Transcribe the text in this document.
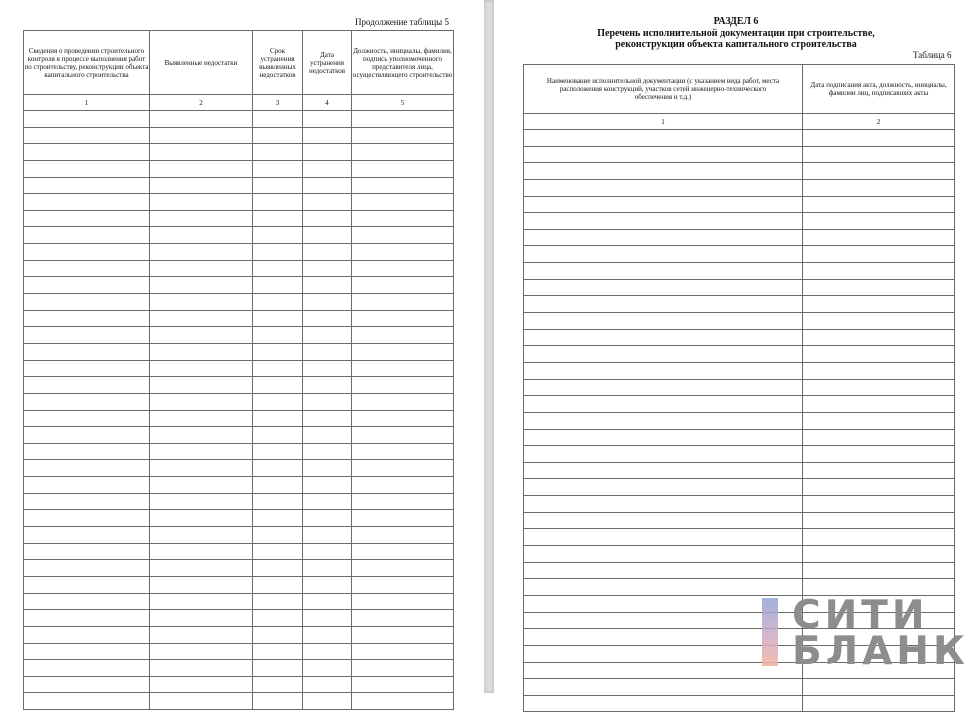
Продолжение таблицы 5
Сведения о проведении строительного контроля в процессе выполнения работ по строительству, реконструкции объекта капитального строительства	Выявленные недостатки	Срок устранения выявленных недостатков	Дата устранения недостатков	Должность, инициалы, фамилия, подпись уполномоченного представителя лица, осуществляющего строительство
1	2	3	4	5

РАЗДЕЛ 6
Перечень исполнительной документации при строительстве,
реконструкции объекта капитального строительства
Таблица 6
Наименование исполнительной документации (с указанием вида работ, места расположения конструкций, участков сетей инженерно-технического обеспечения и т.д.)	Дата подписания акта, должность, инициалы, фамилии лиц, подписавших акты
1	2

СИТИ
БЛАНК
